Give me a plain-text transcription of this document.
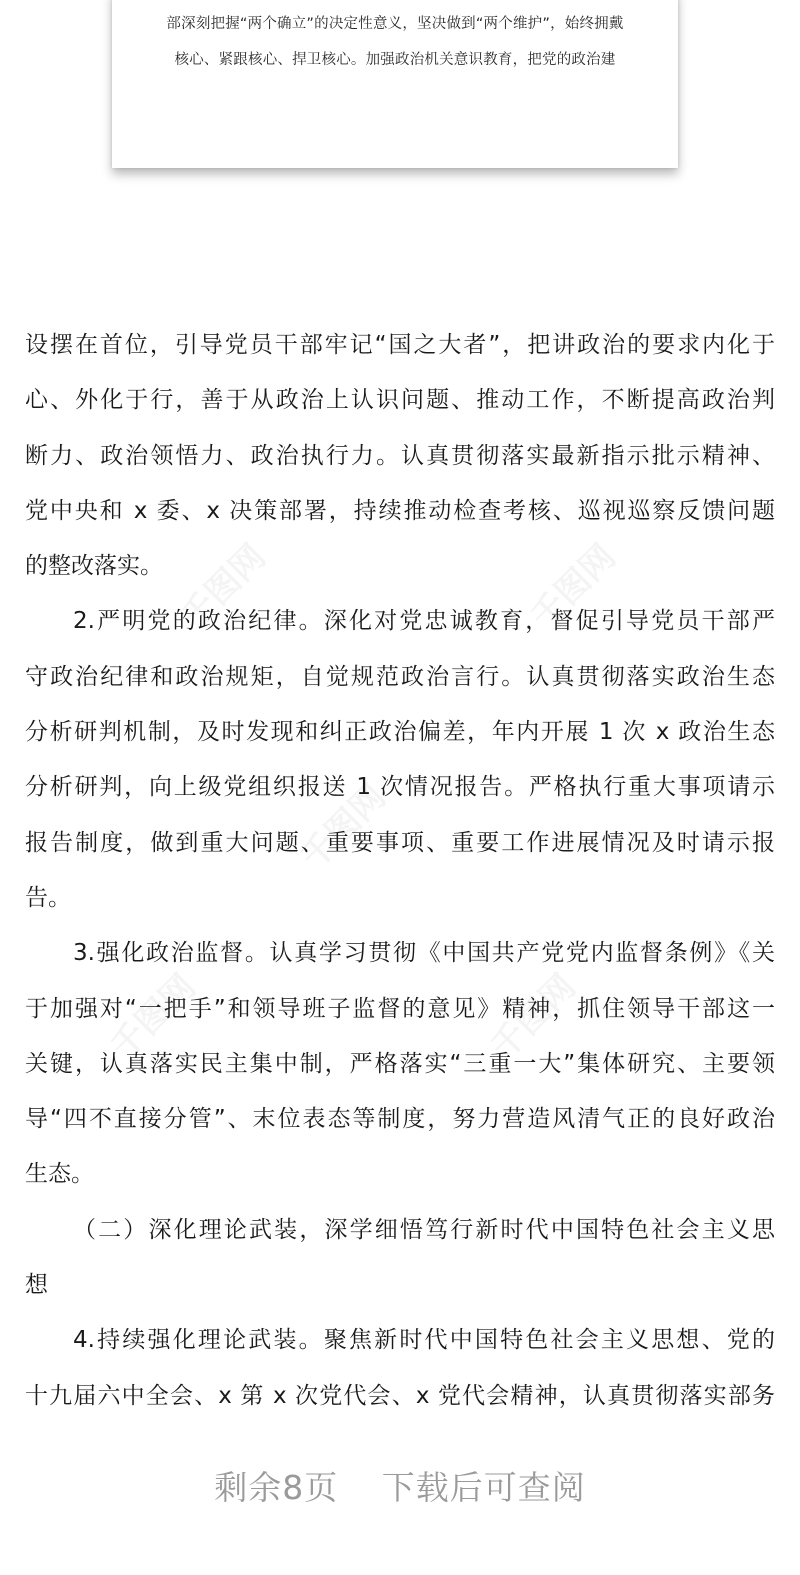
部深刻把握“两个确立”的决定性意义，坚决做到“两个维护”，始终拥戴
核心、紧跟核心、捍卫核心。加强政治机关意识教育，把党的政治建
千图网	千图网
千图网
千图网	千图网
设摆在首位，引导党员干部牢记“国之大者”，把讲政治的要求内化于
心、外化于行，善于从政治上认识问题、推动工作，不断提高政治判
断力、政治领悟力、政治执行力。认真贯彻落实最新指示批示精神、
党中央和 x 委、x 决策部署，持续推动检查考核、巡视巡察反馈问题
的整改落实。
2.严明党的政治纪律。深化对党忠诚教育，督促引导党员干部严
守政治纪律和政治规矩，自觉规范政治言行。认真贯彻落实政治生态
分析研判机制，及时发现和纠正政治偏差，年内开展 1 次 x 政治生态
分析研判，向上级党组织报送 1 次情况报告。严格执行重大事项请示
报告制度，做到重大问题、重要事项、重要工作进展情况及时请示报
告。
3.强化政治监督。认真学习贯彻《中国共产党党内监督条例》《关
于加强对“一把手”和领导班子监督的意见》精神，抓住领导干部这一
关键，认真落实民主集中制，严格落实“三重一大”集体研究、主要领
导“四不直接分管”、末位表态等制度，努力营造风清气正的良好政治
生态。
（二）深化理论武装，深学细悟笃行新时代中国特色社会主义思
想
4.持续强化理论武装。聚焦新时代中国特色社会主义思想、党的
十九届六中全会、x 第 x 次党代会、x 党代会精神，认真贯彻落实部务
剩余8页 下载后可查阅
